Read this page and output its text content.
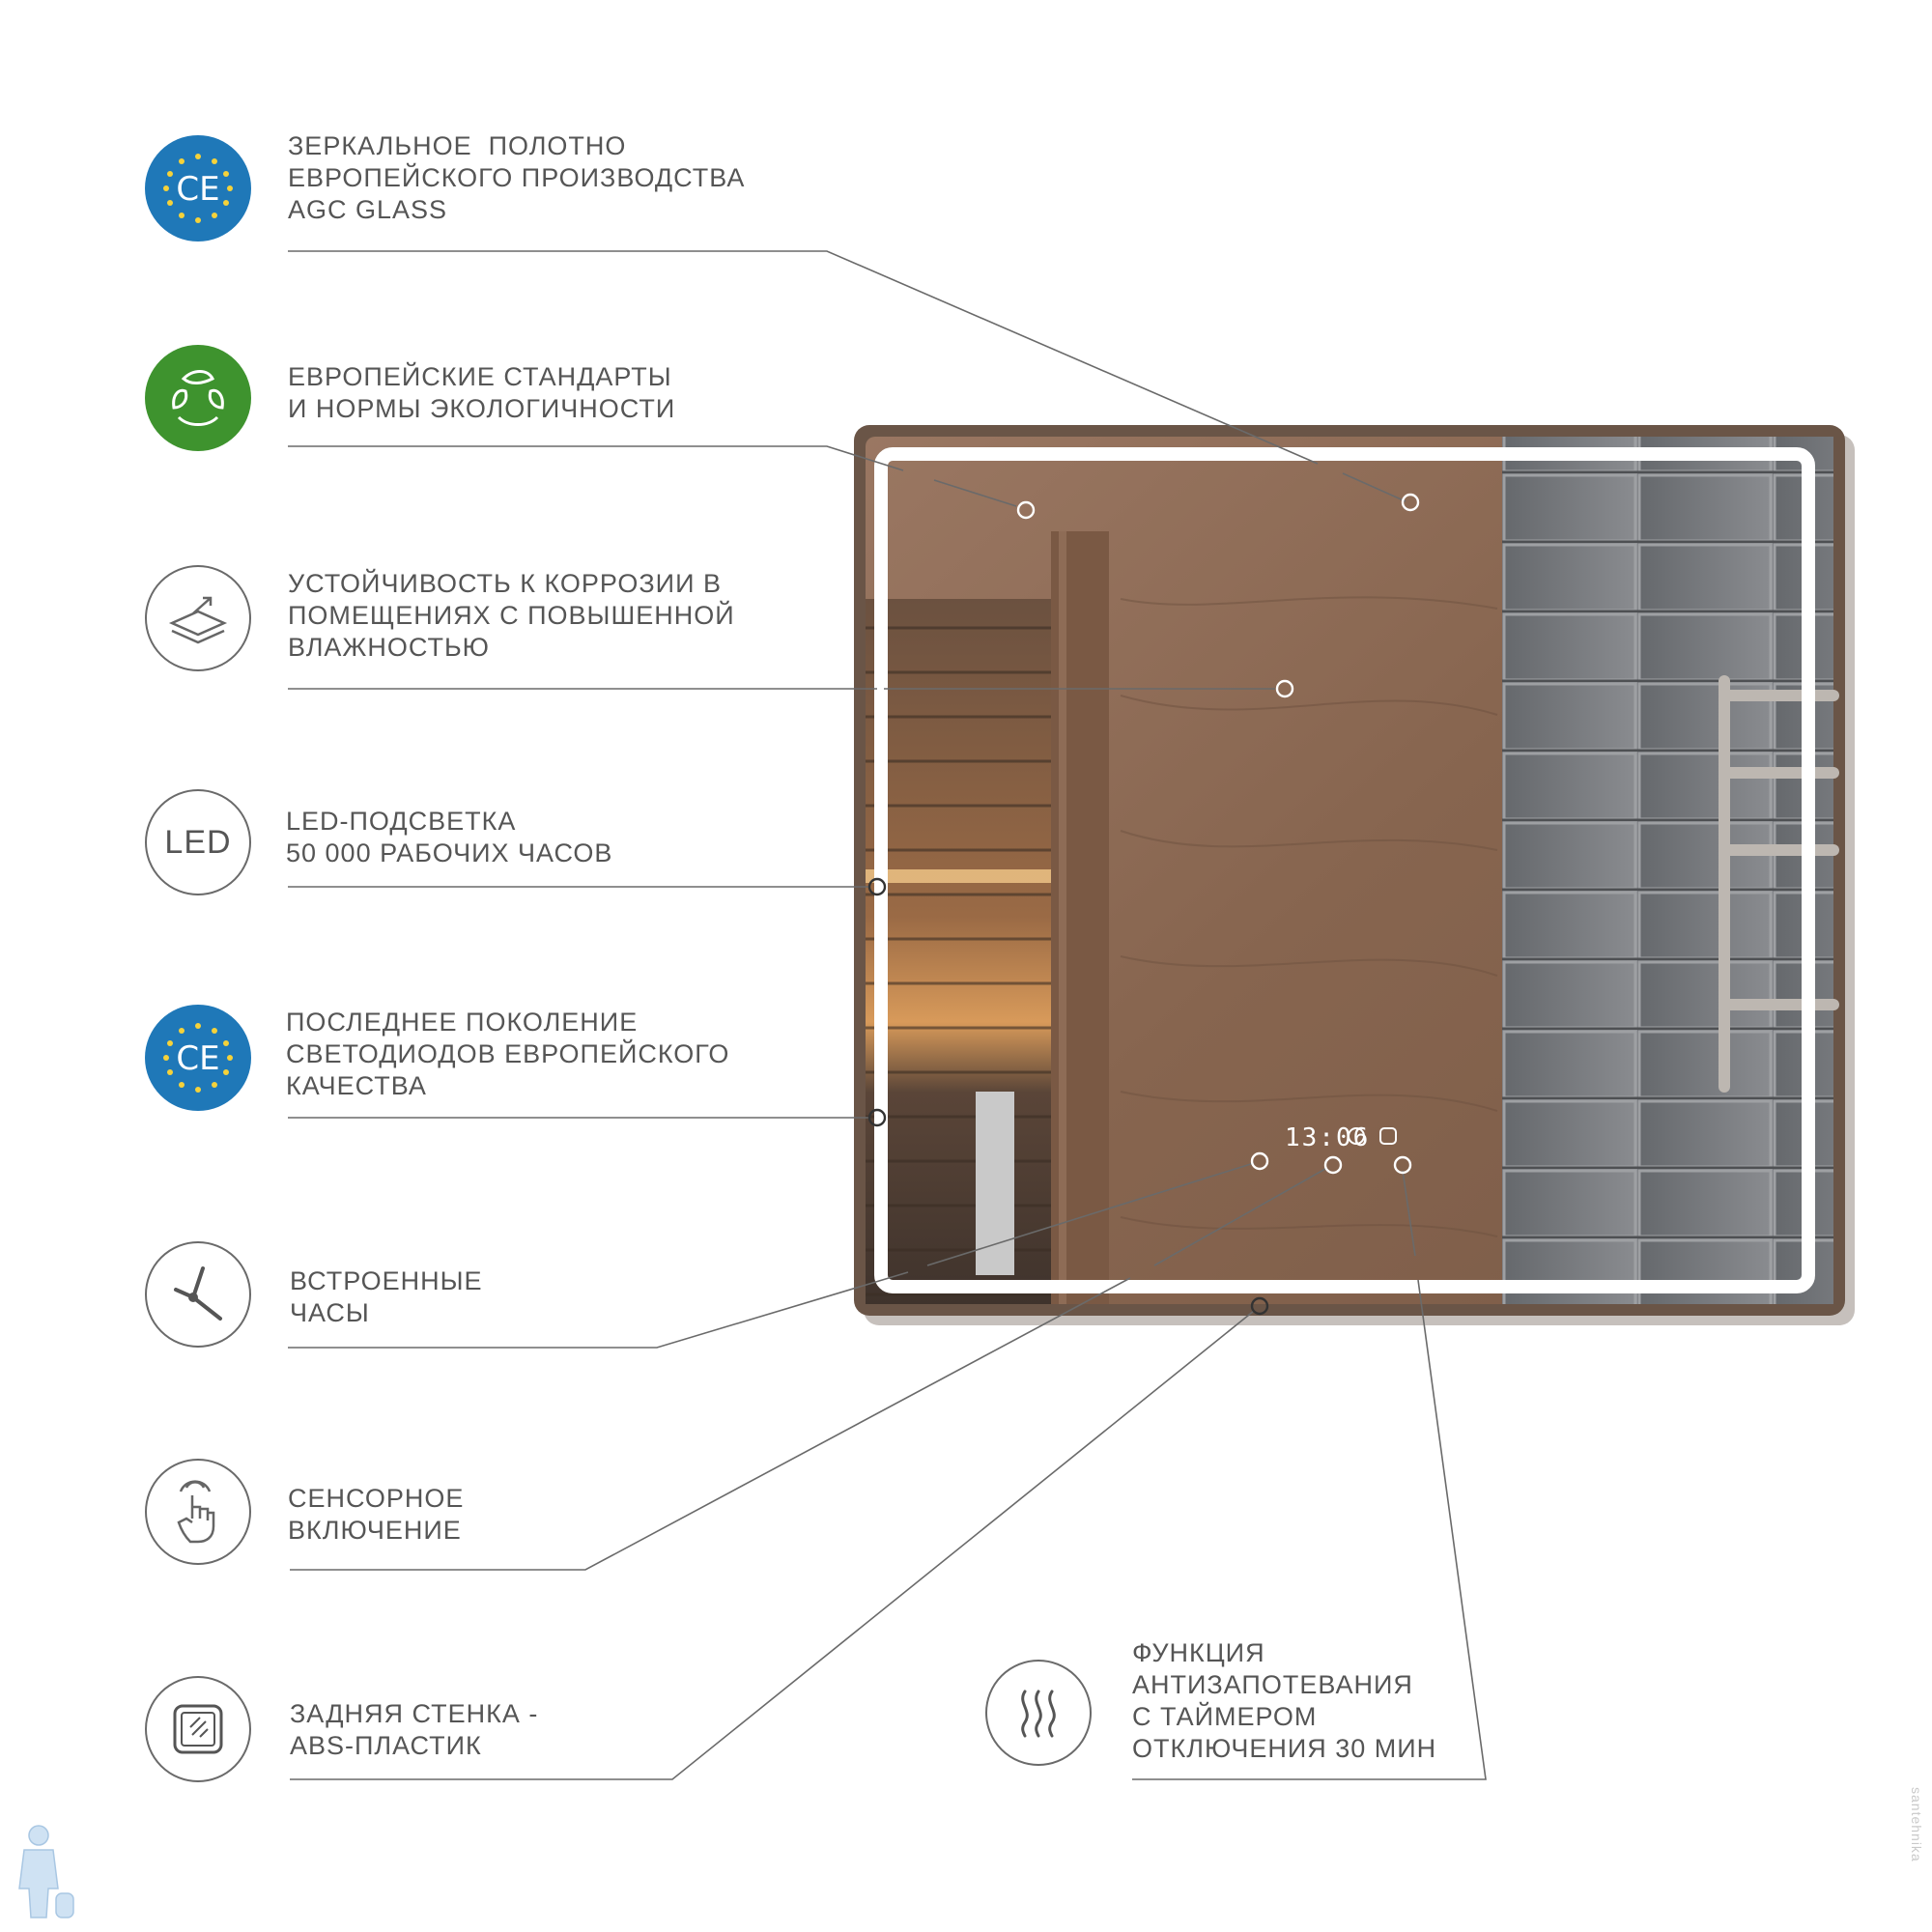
13:06
CE
ЗЕРКАЛЬНОЕ  ПОЛОТНО
ЕВРОПЕЙСКОГО ПРОИЗВОДСТВА
AGC GLASS
ЕВРОПЕЙСКИЕ СТАНДАРТЫ
И НОРМЫ ЭКОЛОГИЧНОСТИ
УСТОЙЧИВОСТЬ К КОРРОЗИИ В
ПОМЕЩЕНИЯХ С ПОВЫШЕННОЙ
ВЛАЖНОСТЬЮ
LED
LED-ПОДСВЕТКА
50 000 РАБОЧИХ ЧАСОВ
CE
ПОСЛЕДНЕЕ ПОКОЛЕНИЕ
СВЕТОДИОДОВ ЕВРОПЕЙСКОГО
КАЧЕСТВА
ВСТРОЕННЫЕ
ЧАСЫ
СЕНСОРНОЕ
ВКЛЮЧЕНИЕ
ЗАДНЯЯ СТЕНКА -
ABS-ПЛАСТИК
ФУНКЦИЯ
АНТИЗАПОТЕВАНИЯ
С ТАЙМЕРОМ
ОТКЛЮЧЕНИЯ 30 МИН
santehnika
